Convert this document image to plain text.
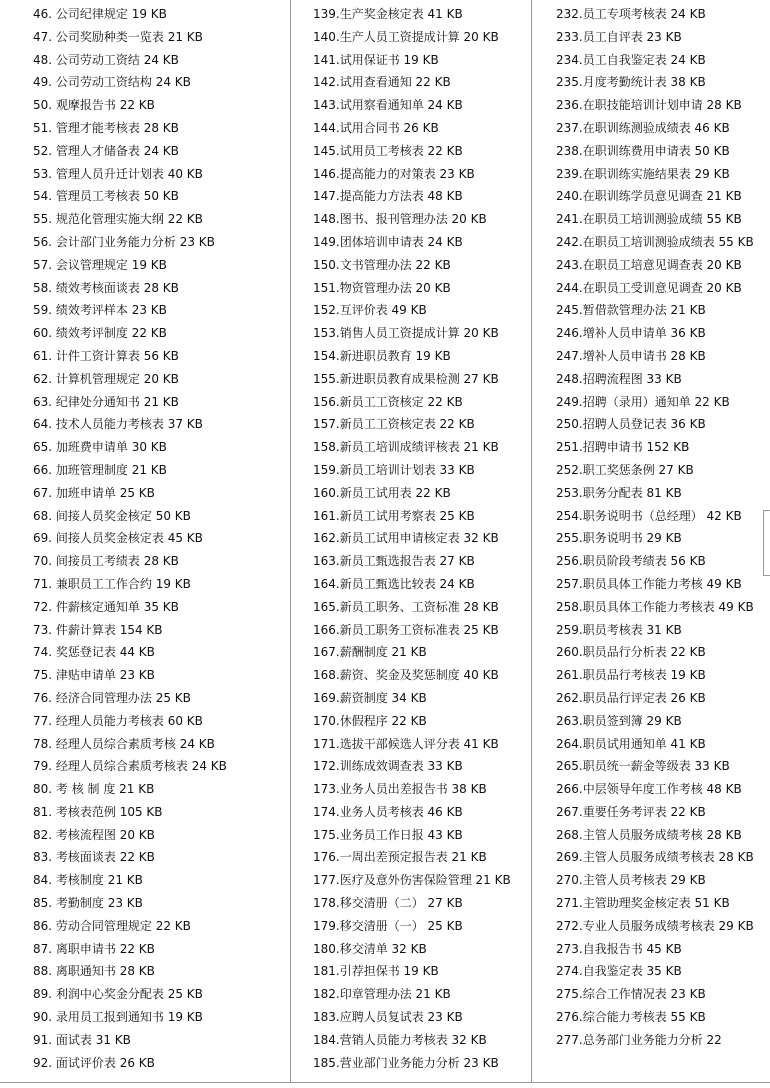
46. 公司纪律规定 19 KB
47. 公司奖励种类一览表 21 KB
48. 公司劳动工资结 24 KB
49. 公司劳动工资结构 24 KB
50. 观摩报告书 22 KB
51. 管理才能考核表 28 KB
52. 管理人才储备表 24 KB
53. 管理人员升迁计划表 40 KB
54. 管理员工考核表 50 KB
55. 规范化管理实施大纲 22 KB
56. 会计部门业务能力分析 23 KB
57. 会议管理规定 19 KB
58. 绩效考核面谈表 28 KB
59. 绩效考评样本 23 KB
60. 绩效考评制度 22 KB
61. 计件工资计算表 56 KB
62. 计算机管理规定 20 KB
63. 纪律处分通知书 21 KB
64. 技术人员能力考核表 37 KB
65. 加班费申请单 30 KB
66. 加班管理制度 21 KB
67. 加班申请单 25 KB
68. 间接人员奖金核定 50 KB
69. 间接人员奖金核定表 45 KB
70. 间接员工考绩表 28 KB
71. 兼职员工工作合约 19 KB
72. 件薪核定通知单 35 KB
73. 件薪计算表 154 KB
74. 奖惩登记表 44 KB
75. 津贴申请单 23 KB
76. 经济合同管理办法 25 KB
77. 经理人员能力考核表 60 KB
78. 经理人员综合素质考核 24 KB
79. 经理人员综合素质考核表 24 KB
80. 考 核 制 度 21 KB
81. 考核表范例 105 KB
82. 考核流程图 20 KB
83. 考核面谈表 22 KB
84. 考核制度 21 KB
85. 考勤制度 23 KB
86. 劳动合同管理规定 22 KB
87. 离职申请书 22 KB
88. 离职通知书 28 KB
89. 利润中心奖金分配表 25 KB
90. 录用员工报到通知书 19 KB
91. 面试表 31 KB
92. 面试评价表 26 KB
139.生产奖金核定表 41 KB
140.生产人员工资提成计算 20 KB
141.试用保证书 19 KB
142.试用查看通知 22 KB
143.试用察看通知单 24 KB
144.试用合同书 26 KB
145.试用员工考核表 22 KB
146.提高能力的对策表 23 KB
147.提高能力方法表 48 KB
148.图书、报刊管理办法 20 KB
149.团体培训申请表 24 KB
150.文书管理办法 22 KB
151.物资管理办法 20 KB
152.互评价表 49 KB
153.销售人员工资提成计算 20 KB
154.新进职员教育 19 KB
155.新进职员教育成果检测 27 KB
156.新员工工资核定 22 KB
157.新员工工资核定表 22 KB
158.新员工培训成绩评核表 21 KB
159.新员工培训计划表 33 KB
160.新员工试用表 22 KB
161.新员工试用考察表 25 KB
162.新员工试用申请核定表 32 KB
163.新员工甄选报告表 27 KB
164.新员工甄选比较表 24 KB
165.新员工职务、工资标准 28 KB
166.新员工职务工资标准表 25 KB
167.薪酬制度 21 KB
168.薪资、奖金及奖惩制度 40 KB
169.薪资制度 34 KB
170.休假程序 22 KB
171.选拔干部候选人评分表 41 KB
172.训练成效调查表 33 KB
173.业务人员出差报告书 38 KB
174.业务人员考核表 46 KB
175.业务员工作日报 43 KB
176.一周出差预定报告表 21 KB
177.医疗及意外伤害保险管理 21 KB
178.移交清册（二） 27 KB
179.移交清册（一） 25 KB
180.移交清单 32 KB
181.引荐担保书 19 KB
182.印章管理办法 21 KB
183.应聘人员复试表 23 KB
184.营销人员能力考核表 32 KB
185.营业部门业务能力分析 23 KB
232.员工专项考核表 24 KB
233.员工自评表 23 KB
234.员工自我鉴定表 24 KB
235.月度考勤统计表 38 KB
236.在职技能培训计划申请 28 KB
237.在职训练测验成绩表 46 KB
238.在职训练费用申请表 50 KB
239.在职训练实施结果表 29 KB
240.在职训练学员意见调查 21 KB
241.在职员工培训测验成绩 55 KB
242.在职员工培训测验成绩表 55 KB
243.在职员工培意见调查表 20 KB
244.在职员工受训意见调查 20 KB
245.暂借款管理办法 21 KB
246.增补人员申请单 36 KB
247.增补人员申请书 28 KB
248.招聘流程图 33 KB
249.招聘（录用）通知单 22 KB
250.招聘人员登记表 36 KB
251.招聘申请书 152 KB
252.职工奖惩条例 27 KB
253.职务分配表 81 KB
254.职务说明书（总经理） 42 KB
255.职务说明书 29 KB
256.职员阶段考绩表 56 KB
257.职员具体工作能力考核 49 KB
258.职员具体工作能力考核表 49 KB
259.职员考核表 31 KB
260.职员品行分析表 22 KB
261.职员品行考核表 19 KB
262.职员品行评定表 26 KB
263.职员签到簿 29 KB
264.职员试用通知单 41 KB
265.职员统一薪金等级表 33 KB
266.中层领导年度工作考核 48 KB
267.重要任务考评表 22 KB
268.主管人员服务成绩考核 28 KB
269.主管人员服务成绩考核表 28 KB
270.主管人员考核表 29 KB
271.主管助理奖金核定表 51 KB
272.专业人员服务成绩考核表 29 KB
273.自我报告书 45 KB
274.自我鉴定表 35 KB
275.综合工作情况表 23 KB
276.综合能力考核表 55 KB
277.总务部门业务能力分析 22
